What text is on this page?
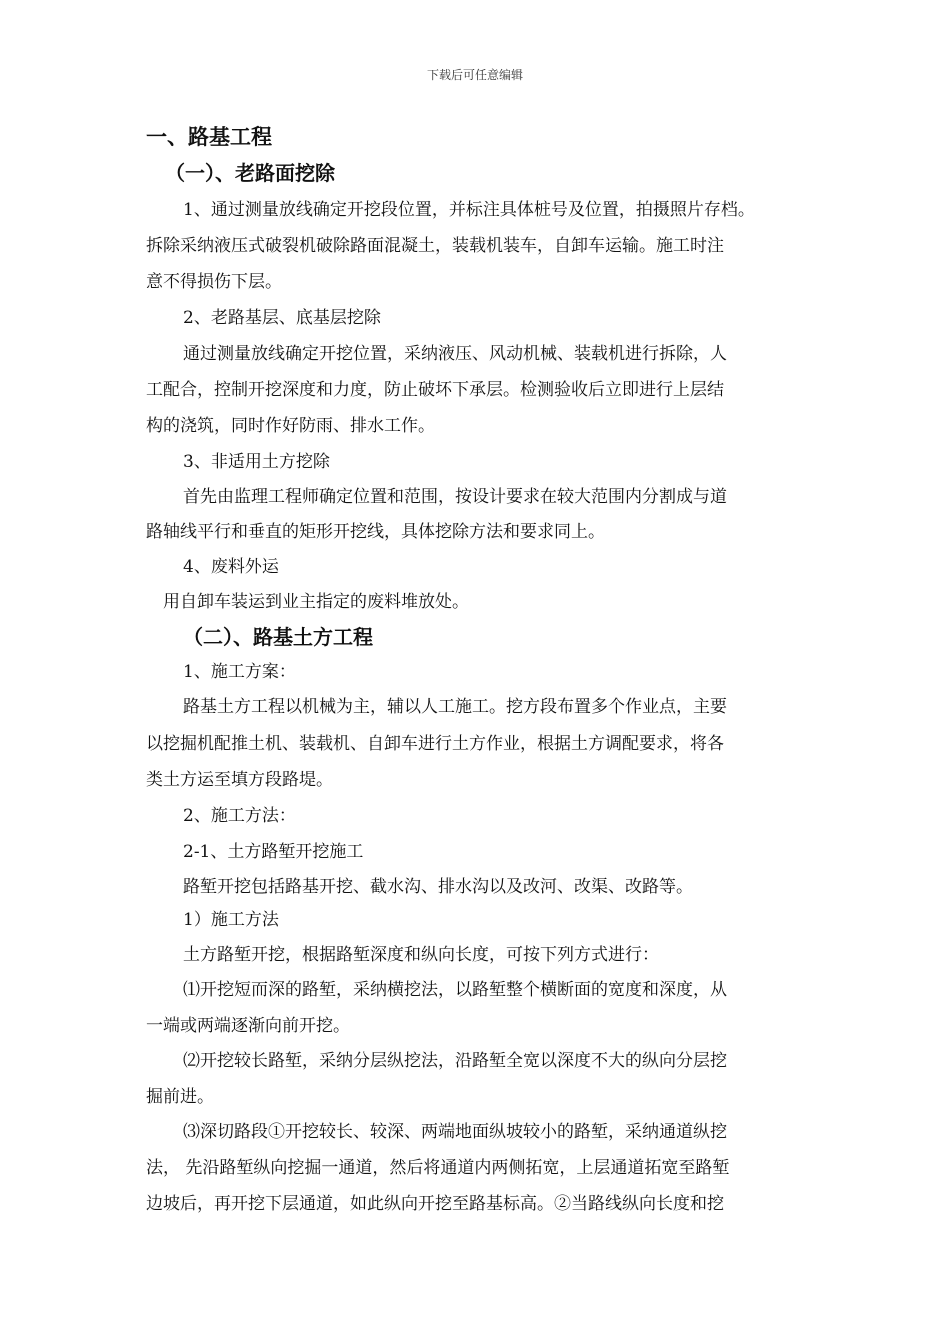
下载后可任意编辑
一、路基工程
（一）、老路面挖除
1、通过测量放线确定开挖段位置，并标注具体桩号及位置，拍摄照片存档。
拆除采纳液压式破裂机破除路面混凝土，装载机装车，自卸车运输。施工时注
意不得损伤下层。
2、老路基层、底基层挖除
通过测量放线确定开挖位置，采纳液压、风动机械、装载机进行拆除，人
工配合，控制开挖深度和力度，防止破坏下承层。检测验收后立即进行上层结
构的浇筑，同时作好防雨、排水工作。
3、非适用土方挖除
首先由监理工程师确定位置和范围，按设计要求在较大范围内分割成与道
路轴线平行和垂直的矩形开挖线，具体挖除方法和要求同上。
4、废料外运
用自卸车装运到业主指定的废料堆放处。
（二）、路基土方工程
1、施工方案：
路基土方工程以机械为主，辅以人工施工。挖方段布置多个作业点，主要
以挖掘机配推土机、装载机、自卸车进行土方作业，根据土方调配要求，将各
类土方运至填方段路堤。
2、施工方法：
2-1、土方路堑开挖施工
路堑开挖包括路基开挖、截水沟、排水沟以及改河、改渠、改路等。
1）施工方法
土方路堑开挖，根据路堑深度和纵向长度，可按下列方式进行：
⑴开挖短而深的路堑，采纳横挖法，以路堑整个横断面的宽度和深度，从
一端或两端逐渐向前开挖。
⑵开挖较长路堑，采纳分层纵挖法，沿路堑全宽以深度不大的纵向分层挖
掘前进。
⑶深切路段①开挖较长、较深、两端地面纵坡较小的路堑，采纳通道纵挖
法， 先沿路堑纵向挖掘一通道，然后将通道内两侧拓宽，上层通道拓宽至路堑
边坡后，再开挖下层通道，如此纵向开挖至路基标高。②当路线纵向长度和挖
